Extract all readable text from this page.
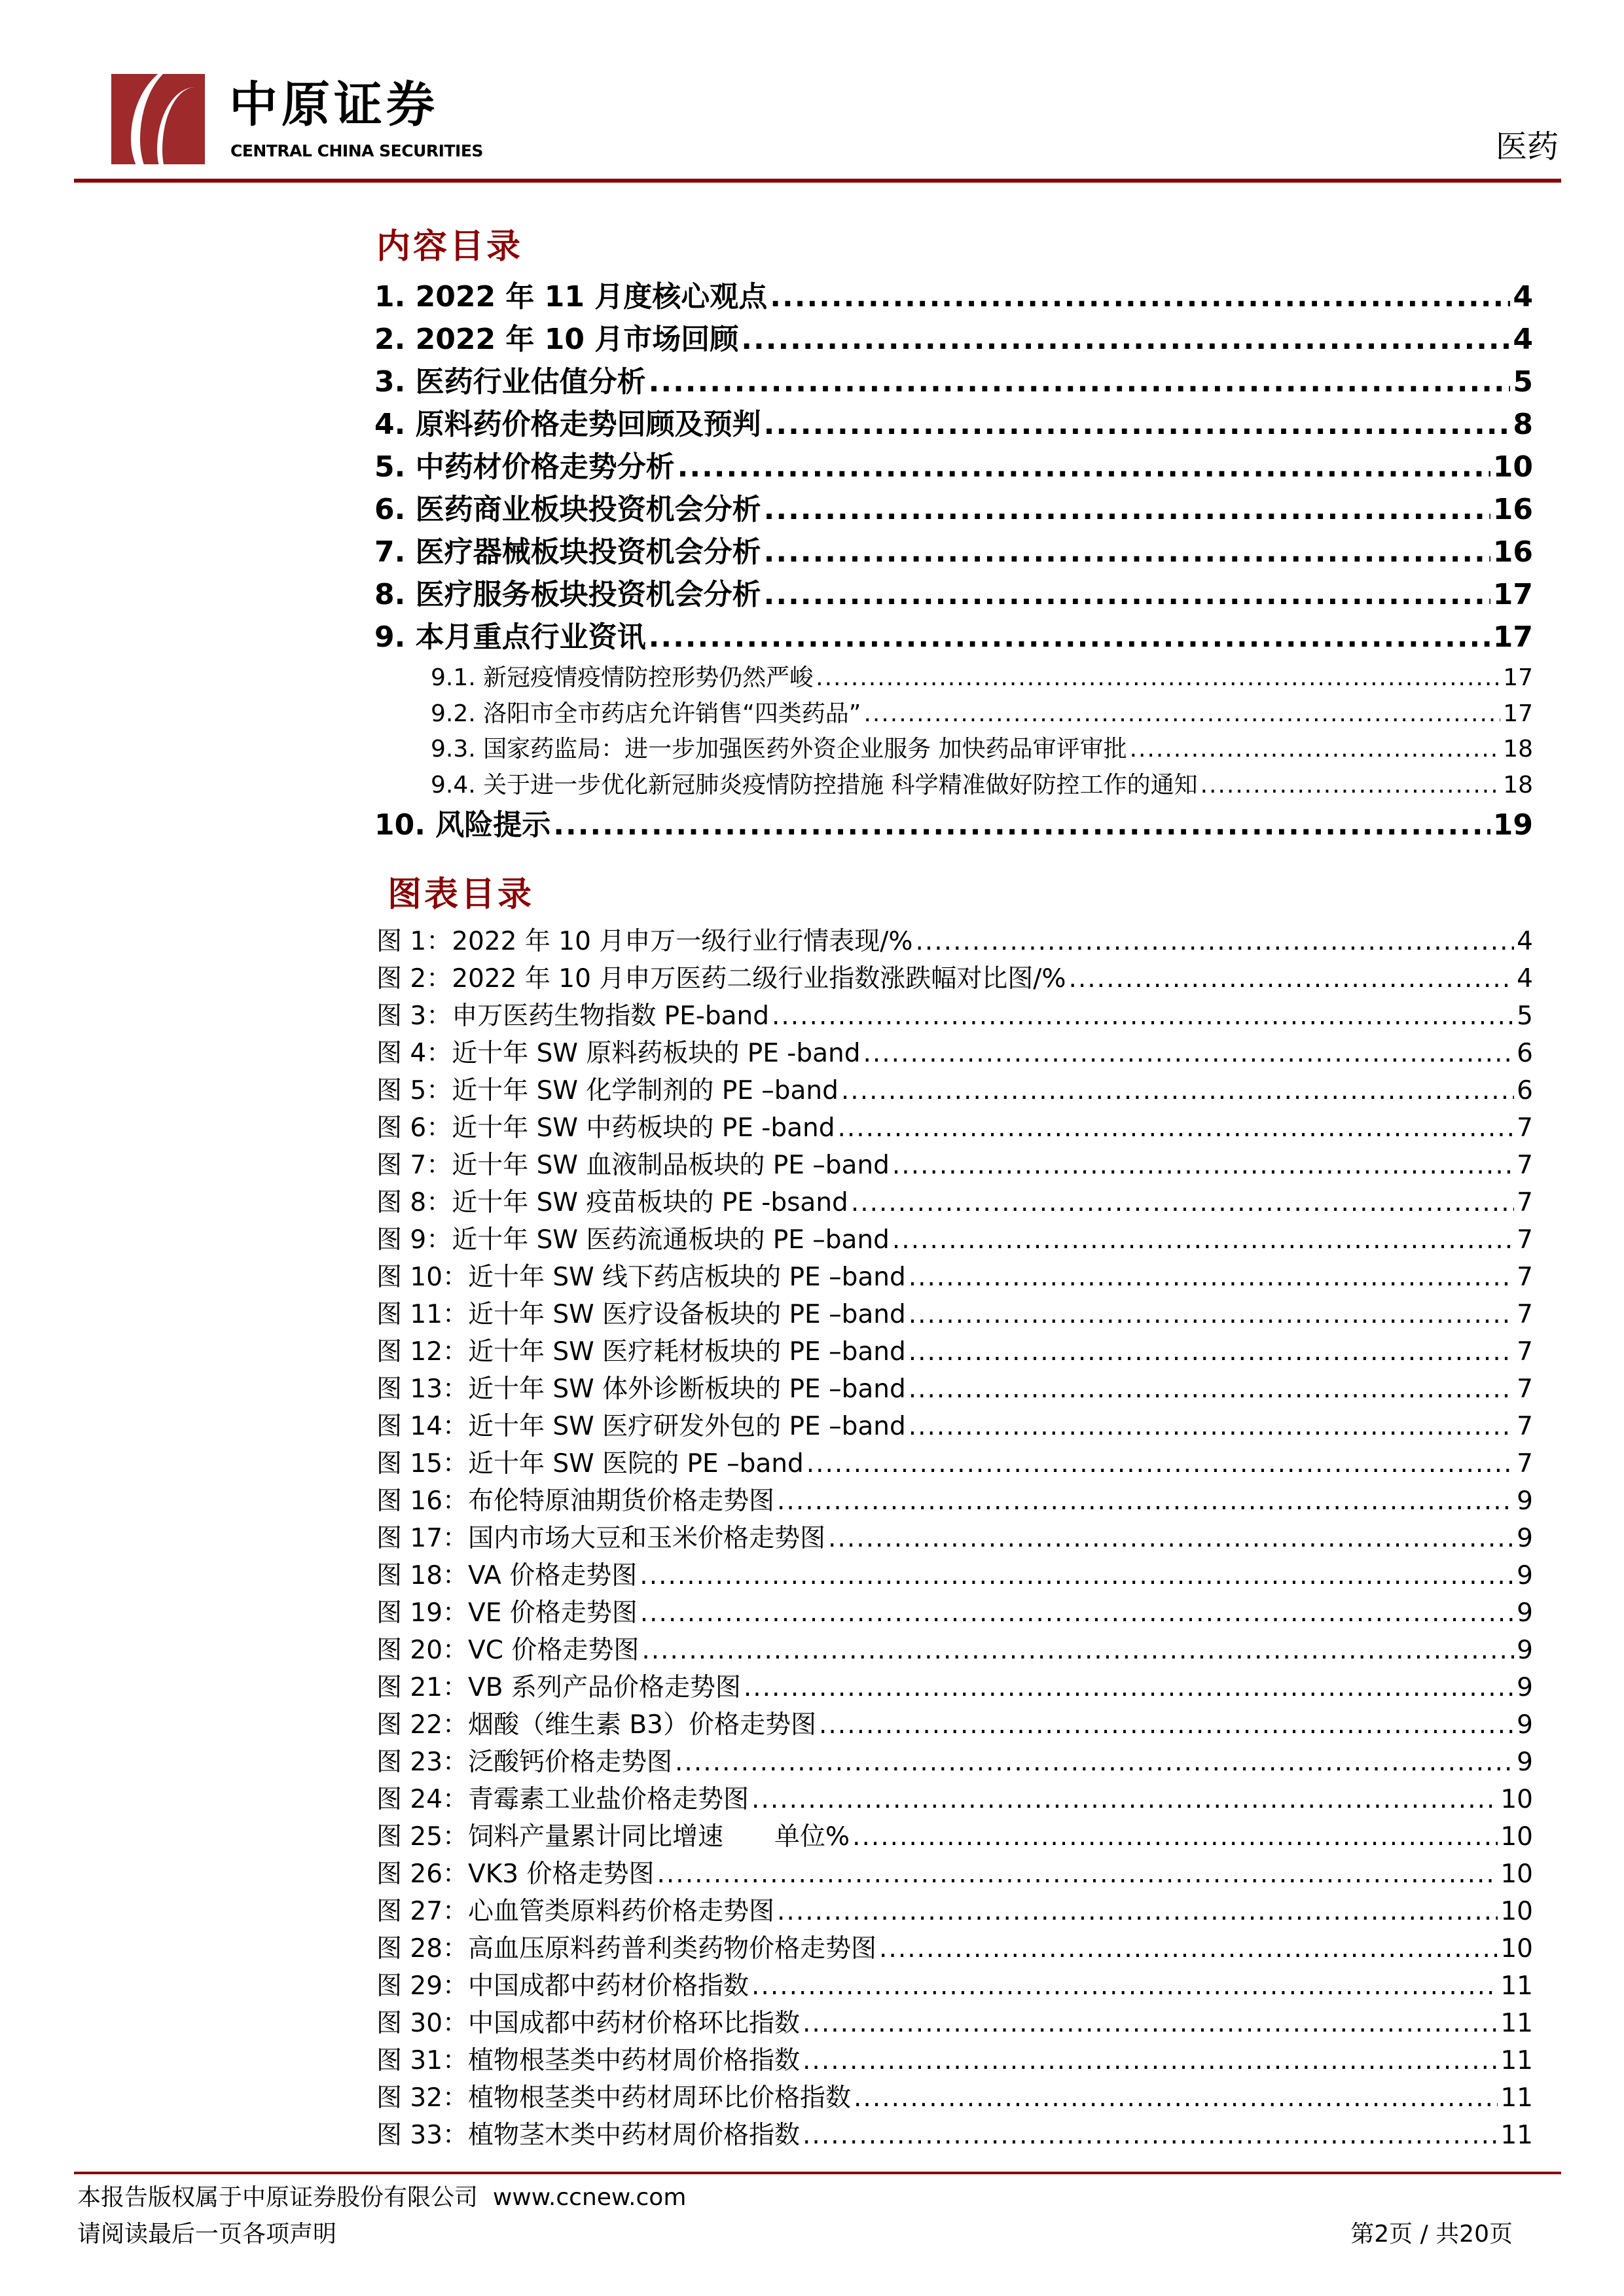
中原证券
CENTRAL CHINA SECURITIES	医药
内容目录
图表目录
本报告版权属于中原证券股份有限公司 www.ccnew.com
请阅读最后一页各项声明	第2页 / 共20页
1. 2022 年 11 月度核心观点 .....	4
2. 2022 年 10 月市场回顾 .....	4
3. 医药行业估值分析 .....	5
4. 原料药价格走势回顾及预判 .....	8
5. 中药材价格走势分析 .....	10
6. 医药商业板块投资机会分析 .....	16
7. 医疗器械板块投资机会分析 .....	16
8. 医疗服务板块投资机会分析 .....	17
9. 本月重点行业资讯 .....	17
9.1. 新冠疫情疫情防控形势仍然严峻 .....	17
9.2. 洛阳市全市药店允许销售“四类药品” .....	17
9.3. 国家药监局：进一步加强医药外资企业服务 加快药品审评审批 .....	18
9.4. 关于进一步优化新冠肺炎疫情防控措施 科学精准做好防控工作的通知 .....	18
10. 风险提示 .....	19
图 1：2022 年 10 月申万一级行业行情表现/% .....	4
图 2：2022 年 10 月申万医药二级行业指数涨跌幅对比图/% .....	4
图 3：申万医药生物指数 PE-band .....	5
图 4：近十年 SW 原料药板块的 PE -band .....	6
图 5：近十年 SW 化学制剂的 PE –band .....	6
图 6：近十年 SW 中药板块的 PE -band .....	7
图 7：近十年 SW 血液制品板块的 PE –band .....	7
图 8：近十年 SW 疫苗板块的 PE -bsand .....	7
图 9：近十年 SW 医药流通板块的 PE –band .....	7
图 10：近十年 SW 线下药店板块的 PE –band .....	7
图 11：近十年 SW 医疗设备板块的 PE –band .....	7
图 12：近十年 SW 医疗耗材板块的 PE –band .....	7
图 13：近十年 SW 体外诊断板块的 PE –band .....	7
图 14：近十年 SW 医疗研发外包的 PE –band .....	7
图 15：近十年 SW 医院的 PE –band .....	7
图 16：布伦特原油期货价格走势图 .....	9
图 17：国内市场大豆和玉米价格走势图 .....	9
图 18：VA 价格走势图 .....	9
图 19：VE 价格走势图 .....	9
图 20：VC 价格走势图 .....	9
图 21：VB 系列产品价格走势图 .....	9
图 22：烟酸（维生素 B3）价格走势图 .....	9
图 23：泛酸钙价格走势图 .....	9
图 24：青霉素工业盐价格走势图 .....	10
图 25：饲料产量累计同比增速　　单位% .....	10
图 26：VK3 价格走势图 .....	10
图 27：心血管类原料药价格走势图 .....	10
图 28：高血压原料药普利类药物价格走势图 .....	10
图 29：中国成都中药材价格指数 .....	11
图 30：中国成都中药材价格环比指数 .....	11
图 31：植物根茎类中药材周价格指数 .....	11
图 32：植物根茎类中药材周环比价格指数 .....	11
图 33：植物茎木类中药材周价格指数 .....	11
